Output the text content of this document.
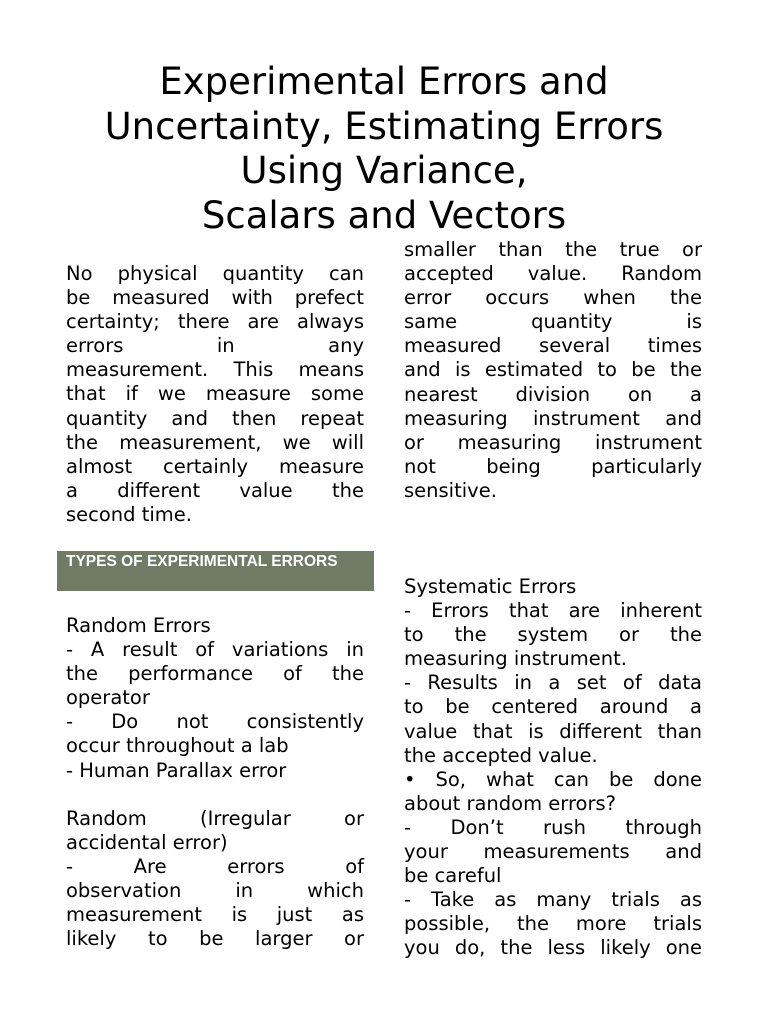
Experimental Errors and
Uncertainty, Estimating Errors
Using Variance,
Scalars and Vectors
No physical quantity can
be measured with prefect
certainty; there are always
errors in any
measurement. This means
that if we measure some
quantity and then repeat
the measurement, we will
almost certainly measure
a different value the
second time.
TYPES OF EXPERIMENTAL ERRORS
Random Errors
- A result of variations in
the performance of the
operator
- Do not consistently
occur throughout a lab
- Human Parallax error
Random (Irregular or
accidental error)
- Are errors of
observation in which
measurement is just as
likely to be larger or
smaller than the true or
accepted value. Random
error occurs when the
same quantity is
measured several times
and is estimated to be the
nearest division on a
measuring instrument and
or measuring instrument
not being particularly
sensitive.
Systematic Errors
- Errors that are inherent
to the system or the
measuring instrument.
- Results in a set of data
to be centered around a
value that is different than
the accepted value.
• So, what can be done
about random errors?
- Don’t rush through
your measurements and
be careful
- Take as many trials as
possible, the more trials
you do, the less likely one
